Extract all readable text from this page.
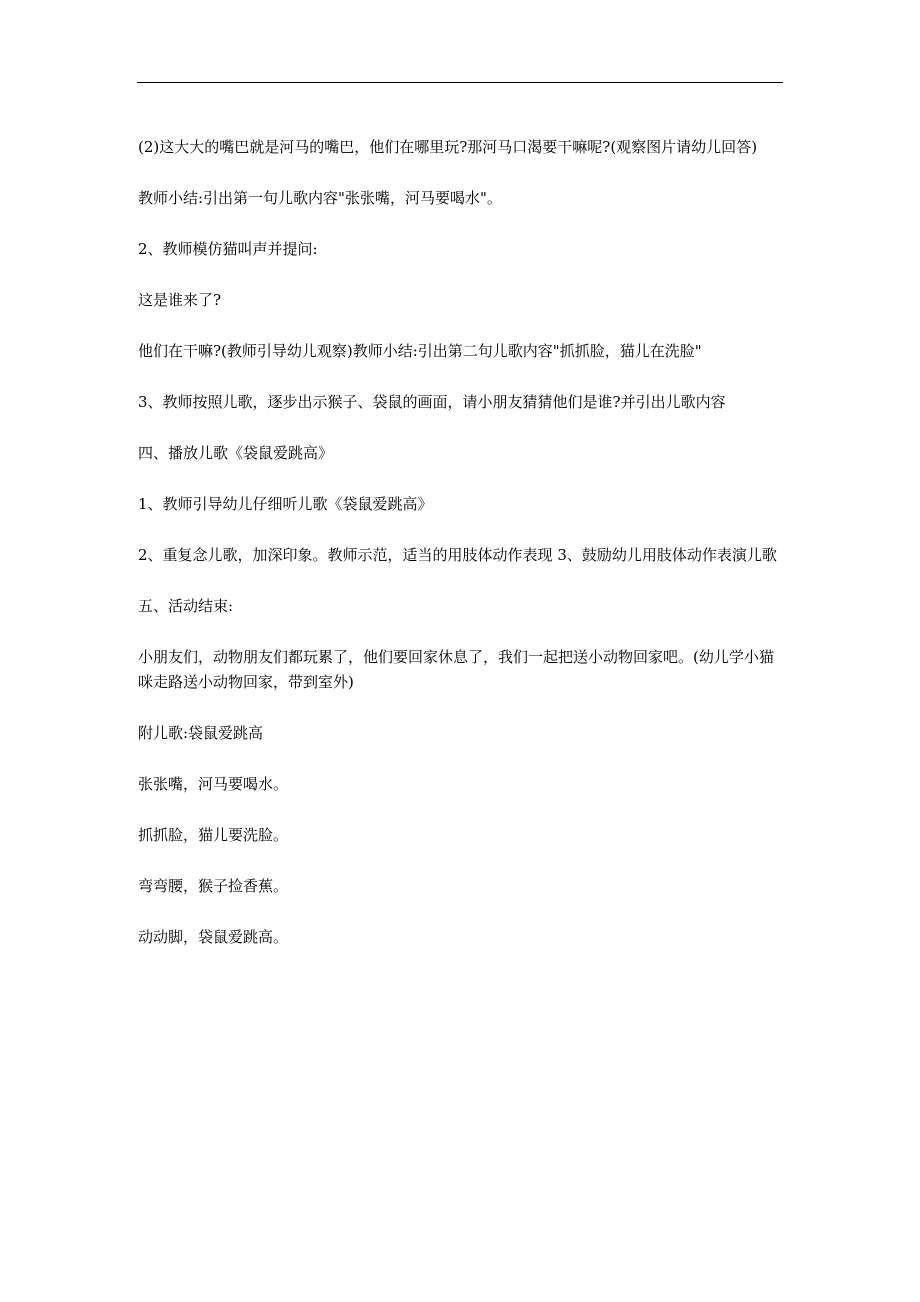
(2)这大大的嘴巴就是河马的嘴巴，他们在哪里玩?那河马口渴要干嘛呢?(观察图片请幼儿回答)

教师小结:引出第一句儿歌内容"张张嘴，河马要喝水"。

2、教师模仿猫叫声并提问:

这是谁来了?

他们在干嘛?(教师引导幼儿观察)教师小结:引出第二句儿歌内容"抓抓脸，猫儿在洗脸"

3、教师按照儿歌，逐步出示猴子、袋鼠的画面，请小朋友猜猜他们是谁?并引出儿歌内容

四、播放儿歌《袋鼠爱跳高》

1、教师引导幼儿仔细听儿歌《袋鼠爱跳高》

2、重复念儿歌，加深印象。教师示范，适当的用肢体动作表现 3、鼓励幼儿用肢体动作表演儿歌

五、活动结束:

小朋友们，动物朋友们都玩累了，他们要回家休息了，我们一起把送小动物回家吧。(幼儿学小猫咪走路送小动物回家，带到室外)

附儿歌:袋鼠爱跳高

张张嘴，河马要喝水。

抓抓脸，猫儿要洗脸。

弯弯腰，猴子捡香蕉。

动动脚，袋鼠爱跳高。
